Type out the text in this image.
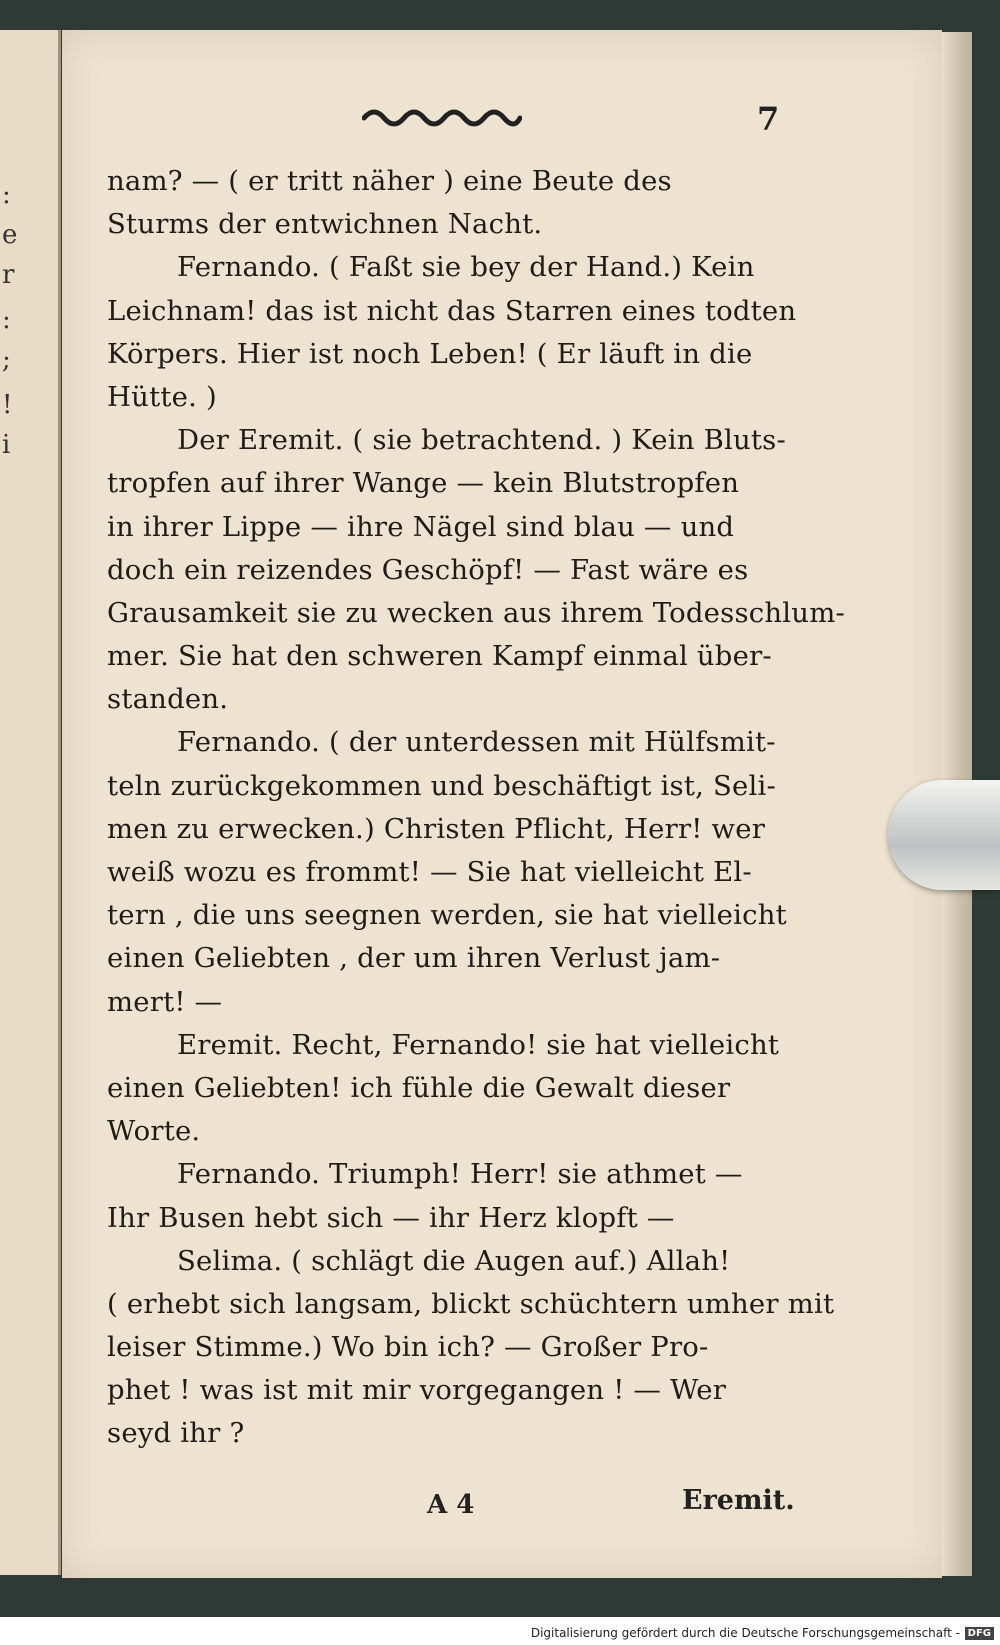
:
e
r
:
;
!
i
7
nam? — ( er tritt näher ) eine Beute des
Sturms der entwichnen Nacht.
Fernando. ( Faßt sie bey der Hand.) Kein
Leichnam! das ist nicht das Starren eines todten
Körpers. Hier ist noch Leben! ( Er läuft in die
Hütte. )
Der Eremit. ( sie betrachtend. ) Kein Bluts-
tropfen auf ihrer Wange — kein Blutstropfen
in ihrer Lippe — ihre Nägel sind blau — und
doch ein reizendes Geschöpf! — Fast wäre es
Grausamkeit sie zu wecken aus ihrem Todesschlum-
mer. Sie hat den schweren Kampf einmal über-
standen.
Fernando. ( der unterdessen mit Hülfsmit-
teln zurückgekommen und beschäftigt ist, Seli-
men zu erwecken.) Christen Pflicht, Herr! wer
weiß wozu es frommt! — Sie hat vielleicht El-
tern , die uns seegnen werden, sie hat vielleicht
einen Geliebten , der um ihren Verlust jam-
mert! —
Eremit. Recht, Fernando! sie hat vielleicht
einen Geliebten! ich fühle die Gewalt dieser
Worte.
Fernando. Triumph! Herr! sie athmet —
Ihr Busen hebt sich — ihr Herz klopft —
Selima. ( schlägt die Augen auf.) Allah!
( erhebt sich langsam, blickt schüchtern umher mit
leiser Stimme.) Wo bin ich? — Großer Pro-
phet ! was ist mit mir vorgegangen ! — Wer
seyd ihr ?
A 4	Eremit.
Digitalisierung gefördert durch die Deutsche Forschungsgemeinschaft - DFG
